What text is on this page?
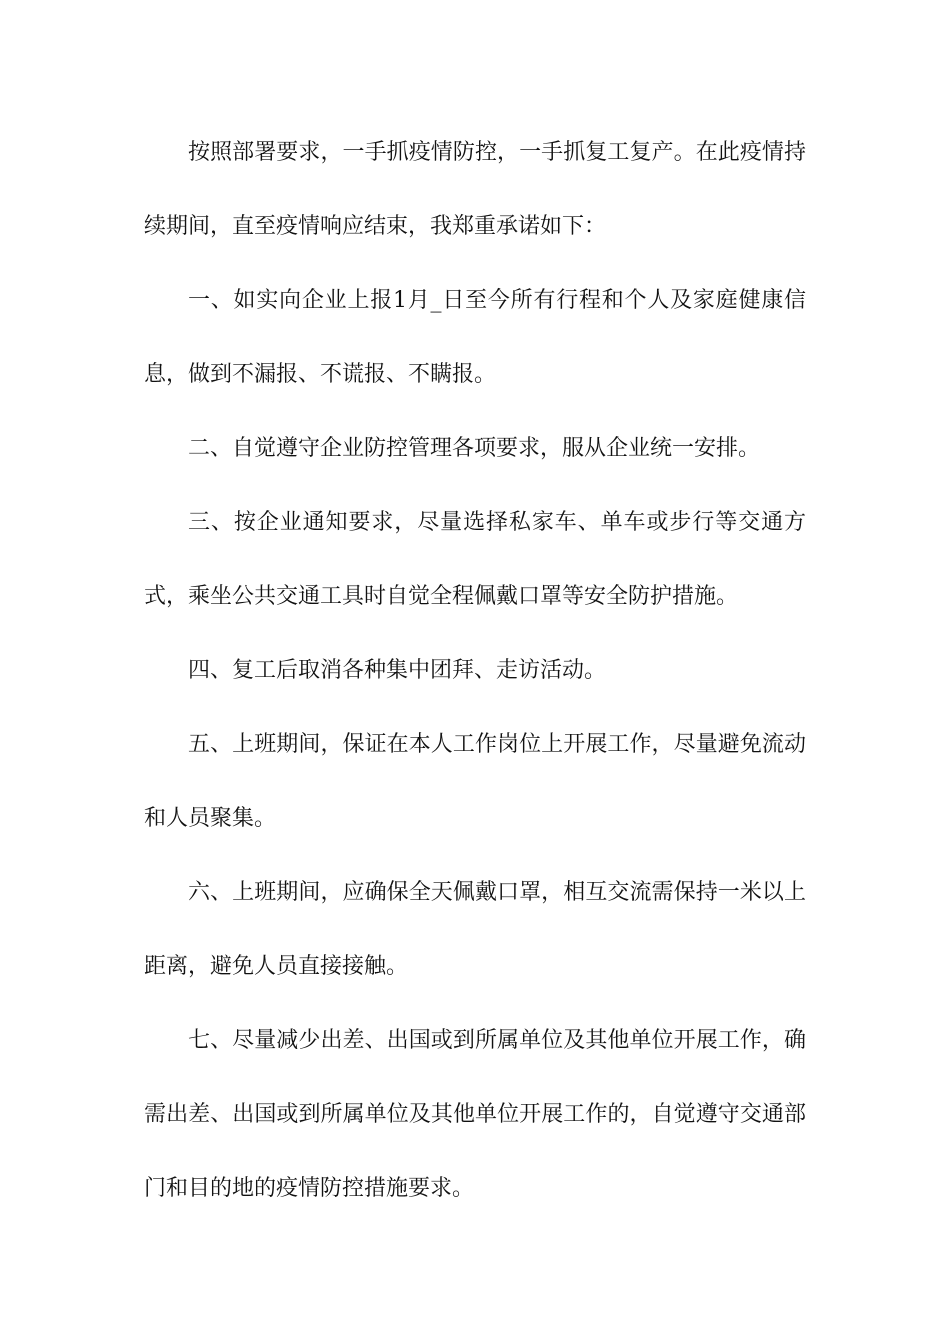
按照部署要求，一手抓疫情防控，一手抓复工复产。在此疫情持续期间，直至疫情响应结束，我郑重承诺如下：

一、如实向企业上报1月_日至今所有行程和个人及家庭健康信息，做到不漏报、不谎报、不瞒报。

二、自觉遵守企业防控管理各项要求，服从企业统一安排。

三、按企业通知要求，尽量选择私家车、单车或步行等交通方式，乘坐公共交通工具时自觉全程佩戴口罩等安全防护措施。

四、复工后取消各种集中团拜、走访活动。

五、上班期间，保证在本人工作岗位上开展工作，尽量避免流动和人员聚集。

六、上班期间，应确保全天佩戴口罩，相互交流需保持一米以上距离，避免人员直接接触。

七、尽量减少出差、出国或到所属单位及其他单位开展工作，确需出差、出国或到所属单位及其他单位开展工作的，自觉遵守交通部门和目的地的疫情防控措施要求。
